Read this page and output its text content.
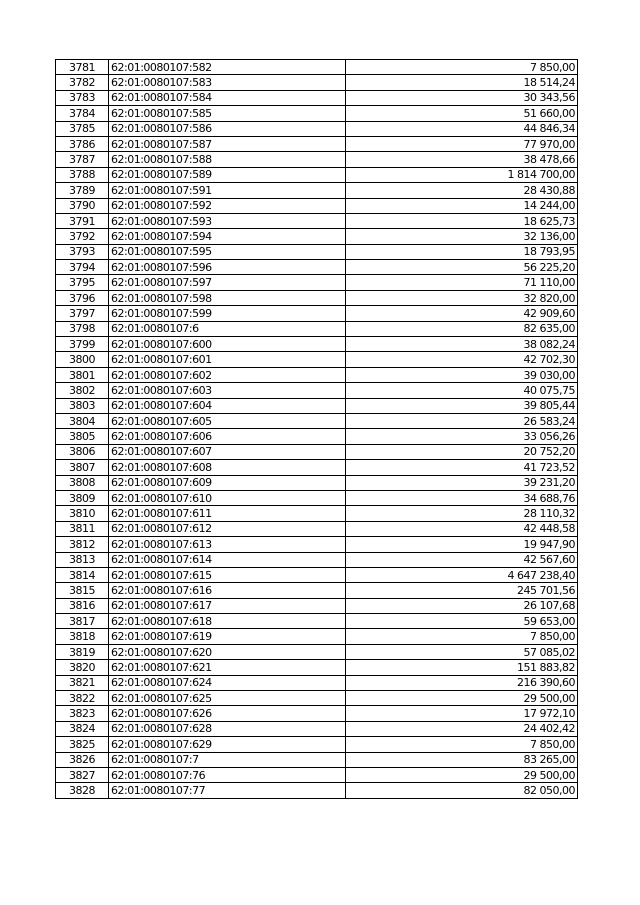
3781	62:01:0080107:582	7 850,00
3782	62:01:0080107:583	18 514,24
3783	62:01:0080107:584	30 343,56
3784	62:01:0080107:585	51 660,00
3785	62:01:0080107:586	44 846,34
3786	62:01:0080107:587	77 970,00
3787	62:01:0080107:588	38 478,66
3788	62:01:0080107:589	1 814 700,00
3789	62:01:0080107:591	28 430,88
3790	62:01:0080107:592	14 244,00
3791	62:01:0080107:593	18 625,73
3792	62:01:0080107:594	32 136,00
3793	62:01:0080107:595	18 793,95
3794	62:01:0080107:596	56 225,20
3795	62:01:0080107:597	71 110,00
3796	62:01:0080107:598	32 820,00
3797	62:01:0080107:599	42 909,60
3798	62:01:0080107:6	82 635,00
3799	62:01:0080107:600	38 082,24
3800	62:01:0080107:601	42 702,30
3801	62:01:0080107:602	39 030,00
3802	62:01:0080107:603	40 075,75
3803	62:01:0080107:604	39 805,44
3804	62:01:0080107:605	26 583,24
3805	62:01:0080107:606	33 056,26
3806	62:01:0080107:607	20 752,20
3807	62:01:0080107:608	41 723,52
3808	62:01:0080107:609	39 231,20
3809	62:01:0080107:610	34 688,76
3810	62:01:0080107:611	28 110,32
3811	62:01:0080107:612	42 448,58
3812	62:01:0080107:613	19 947,90
3813	62:01:0080107:614	42 567,60
3814	62:01:0080107:615	4 647 238,40
3815	62:01:0080107:616	245 701,56
3816	62:01:0080107:617	26 107,68
3817	62:01:0080107:618	59 653,00
3818	62:01:0080107:619	7 850,00
3819	62:01:0080107:620	57 085,02
3820	62:01:0080107:621	151 883,82
3821	62:01:0080107:624	216 390,60
3822	62:01:0080107:625	29 500,00
3823	62:01:0080107:626	17 972,10
3824	62:01:0080107:628	24 402,42
3825	62:01:0080107:629	7 850,00
3826	62:01:0080107:7	83 265,00
3827	62:01:0080107:76	29 500,00
3828	62:01:0080107:77	82 050,00
